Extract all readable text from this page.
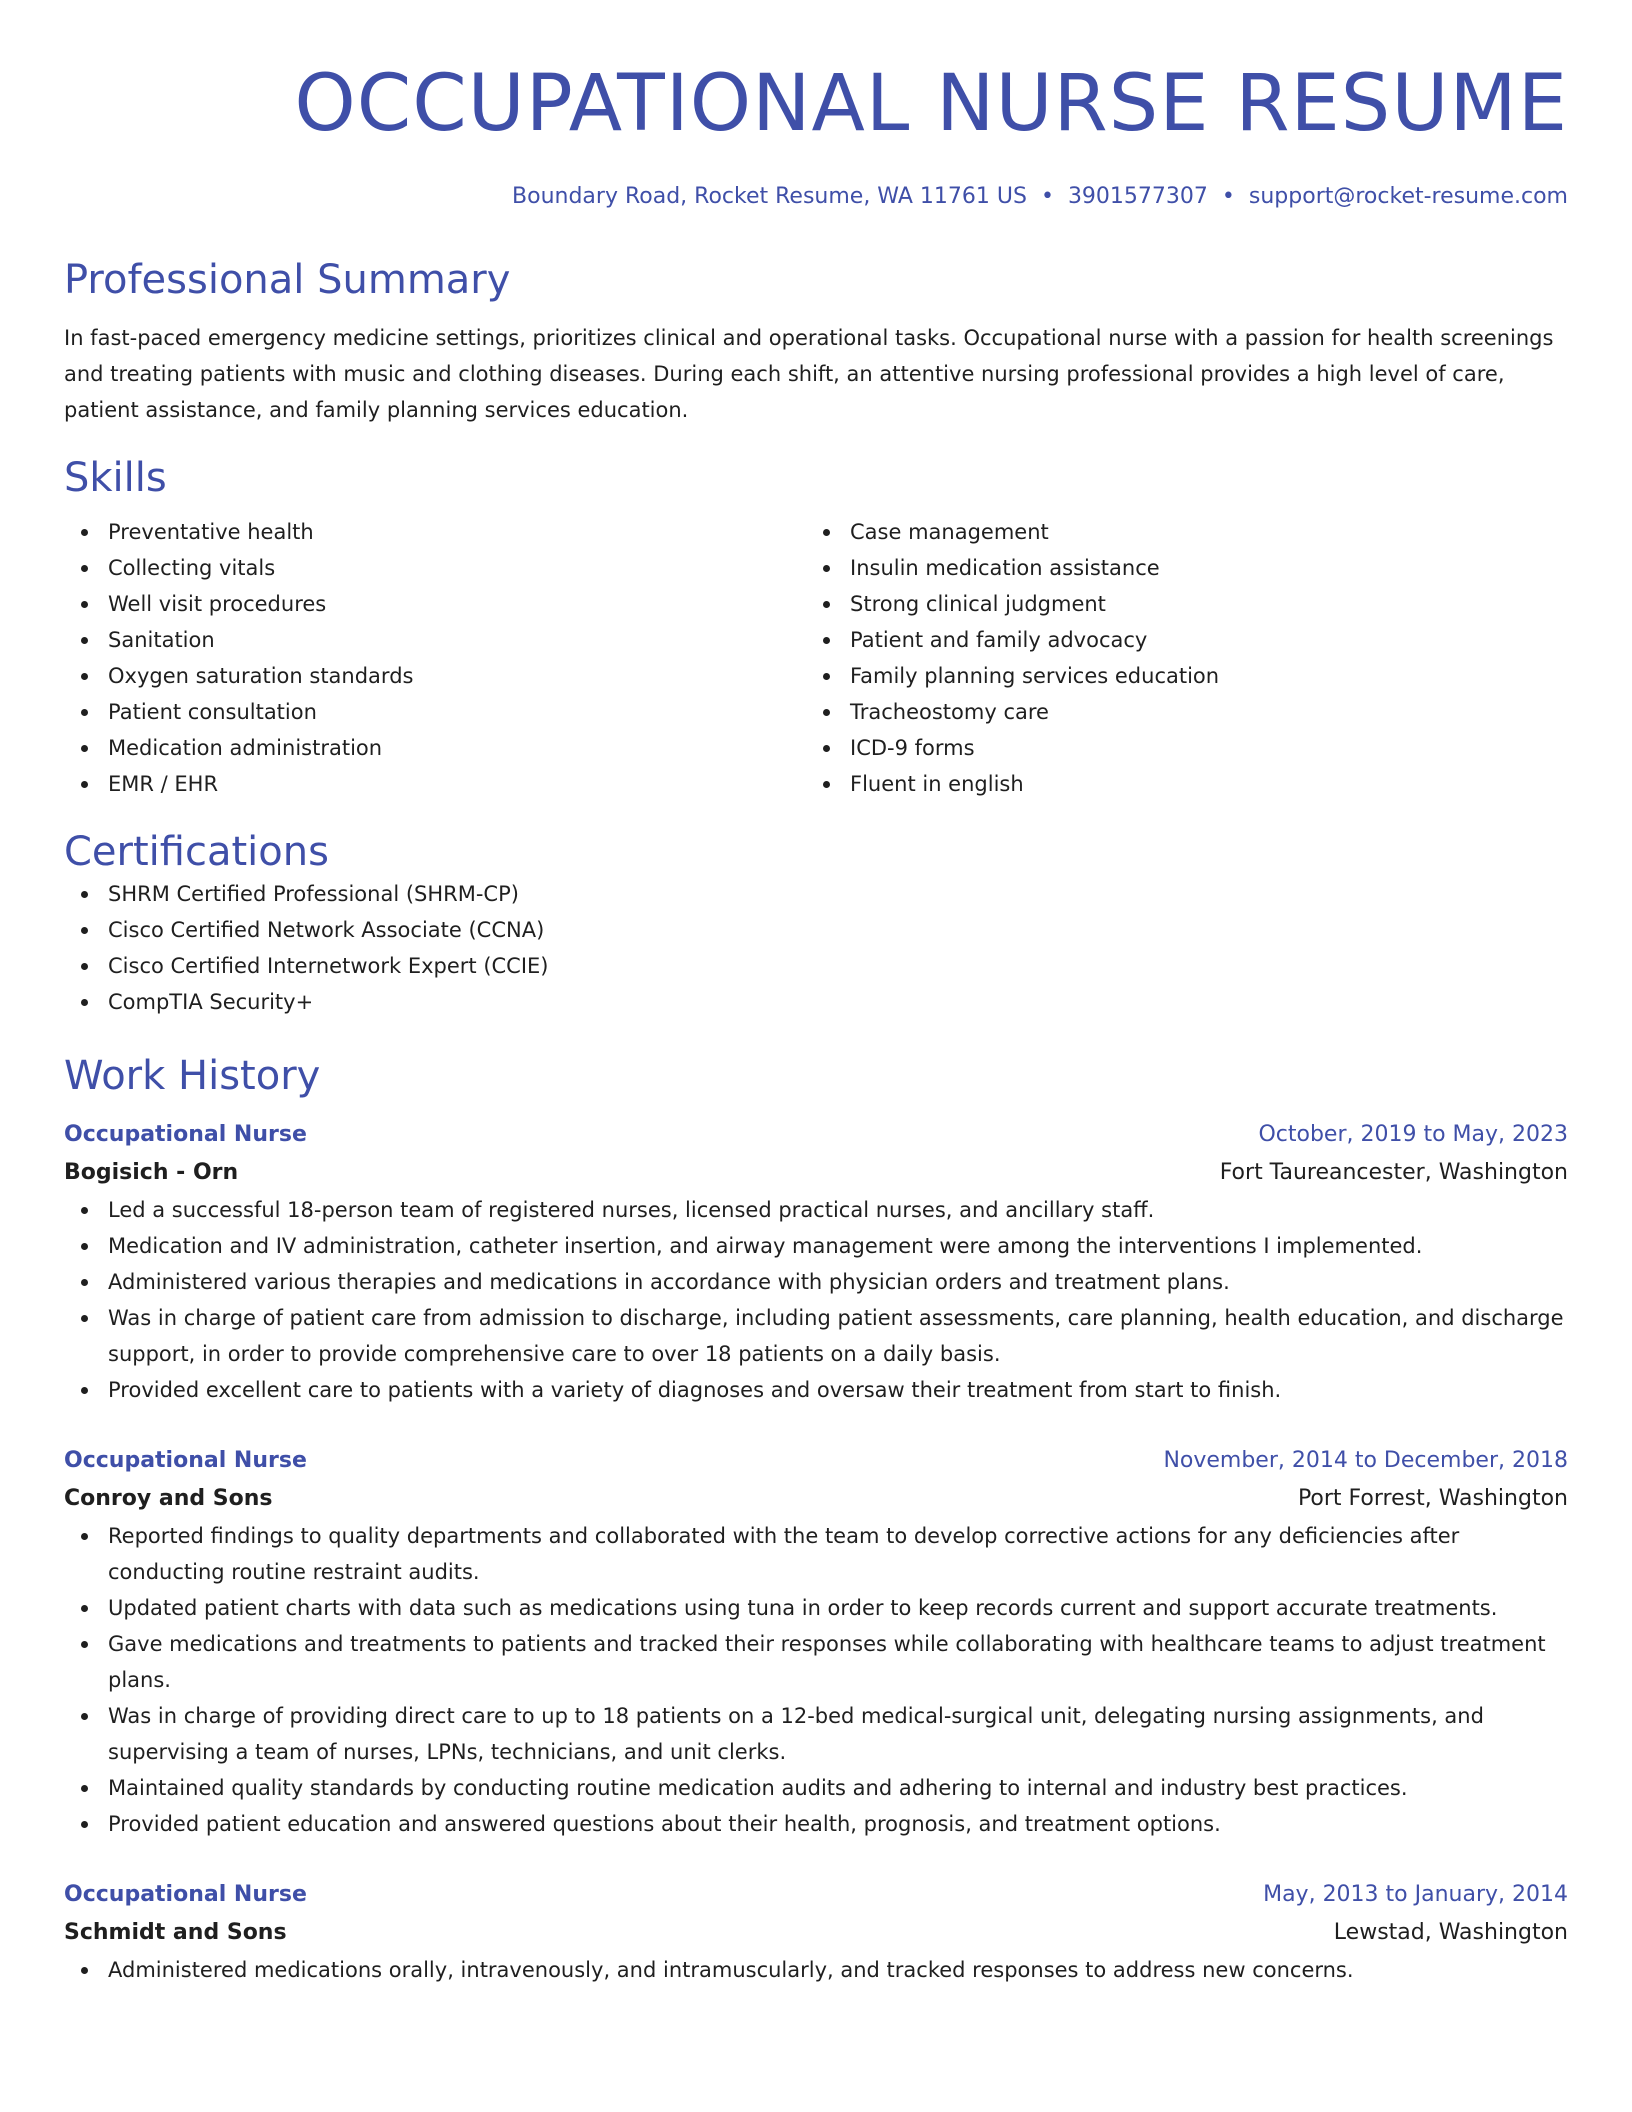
OCCUPATIONAL NURSE RESUME
Boundary Road, Rocket Resume, WA 11761 US • 3901577307 • support@rocket-resume.com
Professional Summary

In fast-paced emergency medicine settings, prioritizes clinical and operational tasks. Occupational nurse with a passion for health screenings and treating patients with music and clothing diseases. During each shift, an attentive nursing professional provides a high level of care, patient assistance, and family planning services education.

Skills
Preventative health
Collecting vitals
Well visit procedures
Sanitation
Oxygen saturation standards
Patient consultation
Medication administration
EMR / EHR
Case management
Insulin medication assistance
Strong clinical judgment
Patient and family advocacy
Family planning services education
Tracheostomy care
ICD-9 forms
Fluent in english
Certifications
SHRM Certified Professional (SHRM-CP)
Cisco Certified Network Associate (CCNA)
Cisco Certified Internetwork Expert (CCIE)
CompTIA Security+
Work History
Occupational Nurse	October, 2019 to May, 2023
Bogisich - Orn	Fort Taureancester, Washington
Led a successful 18-person team of registered nurses, licensed practical nurses, and ancillary staff.
Medication and IV administration, catheter insertion, and airway management were among the interventions I implemented.
Administered various therapies and medications in accordance with physician orders and treatment plans.
Was in charge of patient care from admission to discharge, including patient assessments, care planning, health education, and discharge support, in order to provide comprehensive care to over 18 patients on a daily basis.
Provided excellent care to patients with a variety of diagnoses and oversaw their treatment from start to finish.
Occupational Nurse	November, 2014 to December, 2018
Conroy and Sons	Port Forrest, Washington
Reported findings to quality departments and collaborated with the team to develop corrective actions for any deficiencies after conducting routine restraint audits.
Updated patient charts with data such as medications using tuna in order to keep records current and support accurate treatments.
Gave medications and treatments to patients and tracked their responses while collaborating with healthcare teams to adjust treatment plans.
Was in charge of providing direct care to up to 18 patients on a 12-bed medical-surgical unit, delegating nursing assignments, and supervising a team of nurses, LPNs, technicians, and unit clerks.
Maintained quality standards by conducting routine medication audits and adhering to internal and industry best practices.
Provided patient education and answered questions about their health, prognosis, and treatment options.
Occupational Nurse	May, 2013 to January, 2014
Schmidt and Sons	Lewstad, Washington
Administered medications orally, intravenously, and intramuscularly, and tracked responses to address new concerns.
